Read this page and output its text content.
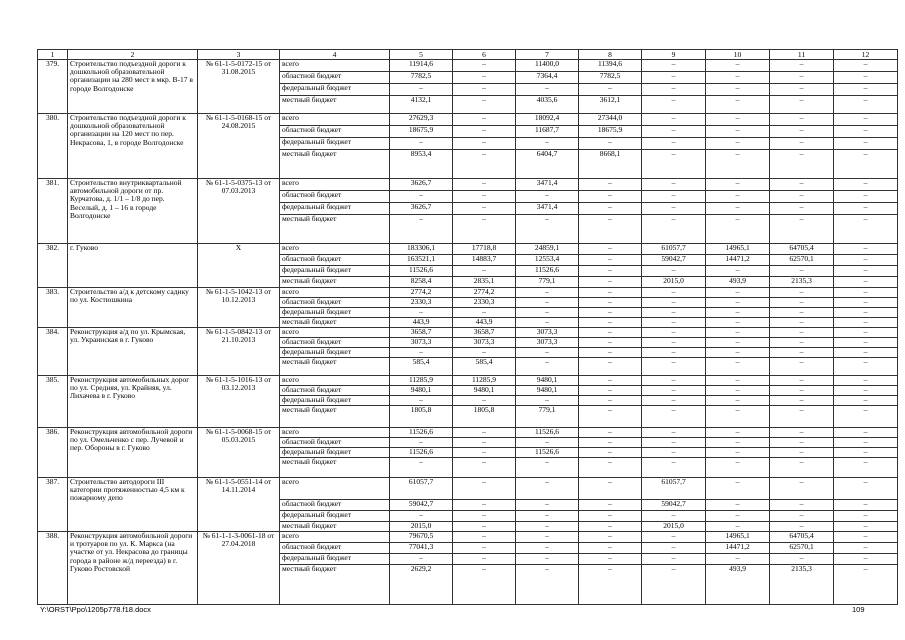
1	2	3	4	5	6	7	8	9	10	11	12
379.	Строительство подъездной дороги к дошкольной образовательной организации на 280 мест в мкр. В-17 в городе Волгодонске	№ 61-1-5-0172-15 от 31.08.2015	всего	11914,6	–	11400,0	11394,6	–	–	–	–
			областной бюджет	7782,5	–	7364,4	7782,5	–	–	–	–
			федеральный бюджет	–	–	–	–	–	–	–	–
			местный бюджет	4132,1	–	4035,6	3612,1	–	–	–	–
380.	Строительство подъездной дороги к дошкольной образовательной организации на 120 мест по пер. Некрасова, 1, в городе Волгодонске	№ 61-1-5-0168-15 от 24.08.2015	всего	27629,3	–	18092,4	27344,0	–	–	–	–
			областной бюджет	18675,9	–	11687,7	18675,9	–	–	–	–
			федеральный бюджет	–	–	–	–	–	–	–	–
			местный бюджет	8953,4	–	6404,7	8668,1	–	–	–	–
381.	Строительство внутриквартальной автомобильной дороги от пр. Курчатова, д. 1/1 – 1/8 до пер. Веселый, д. 1 – 16 в городе Волгодонске	№ 61-1-5-0375-13 от 07.03.2013	всего	3626,7	–	3471,4	–	–	–	–	–
			областной бюджет	–	–	–	–	–	–	–	–
			федеральный бюджет	3626,7	–	3471,4	–	–	–	–	–
			местный бюджет	–	–	–	–	–	–	–	–
382.	г. Гуково	Х	всего	183306,1	17718,8	24859,1	–	61057,7	14965,1	64705,4	–
			областной бюджет	163521,1	14883,7	12553,4	–	59042,7	14471,2	62570,1	–
			федеральный бюджет	11526,6	–	11526,6	–	–	–	–	–
			местный бюджет	8258,4	2835,1	779,1	–	2015,0	493,9	2135,3	–
383.	Строительство а/д к детскому садику по ул. Костюшкина	№ 61-1-5-1042-13 от 10.12.2013	всего	2774,2	2774,2	–	–	–	–	–	–
			областной бюджет	2330,3	2330,3	–	–	–	–	–	–
			федеральный бюджет	–	–	–	–	–	–	–	–
			местный бюджет	443,9	443,9	–	–	–	–	–	–
384.	Реконструкция а/д по ул. Крымская, ул. Украинская в г. Гуково	№ 61-1-5-0842-13 от 21.10.2013	всего	3658,7	3658,7	3073,3	–	–	–	–	–
			областной бюджет	3073,3	3073,3	3073,3	–	–	–	–	–
			федеральный бюджет	–	–	–	–	–	–	–	–
			местный бюджет	585,4	585,4	–	–	–	–	–	–
385.	Реконструкция автомобильных дорог по ул. Средняя, ул. Крайняя, ул. Лихачева в г. Гуково	№ 61-1-5-1016-13 от 03.12.2013	всего	11285,9	11285,9	9480,1	–	–	–	–	–
			областной бюджет	9480,1	9480,1	9480,1	–	–	–	–	–
			федеральный бюджет	–	–	–	–	–	–	–	–
			местный бюджет	1805,8	1805,8	779,1	–	–	–	–	–
386.	Реконструкция автомобильной дороги по ул. Омельченко с пер. Лучевой и пер. Обороны в г. Гуково	№ 61-1-5-0068-15 от 05.03.2015	всего	11526,6	–	11526,6	–	–	–	–	–
			областной бюджет	–	–	–	–	–	–	–	–
			федеральный бюджет	11526,6	–	11526,6	–	–	–	–	–
			местный бюджет	–	–	–	–	–	–	–	–
387.	Строительство автодороги III категории протяженностью 4,5 км к пожарному депо	№ 61-1-5-0551-14 от 14.11.2014	всего	61057,7	–	–	–	61057,7	–	–	–
			областной бюджет	59042,7	–	–	–	59042,7	–	–	–
			федеральный бюджет	–	–	–	–	–	–	–	–
			местный бюджет	2015,0	–	–	–	2015,0	–	–	–
388.	Реконструкция автомобильной дороги и тротуаров по ул. К. Маркса (на участке от ул. Некрасова до границы города в районе ж/д переезда) в г. Гуково Ростовской	№ 61-1-1-3-0061-18 от 27.04.2018	всего	79670,5	–	–	–	–	14965,1	64705,4	–
			областной бюджет	77041,3	–	–	–	–	14471,2	62570,1	–
			федеральный бюджет	–	–	–	–	–	–	–	–
			местный бюджет	2629,2	–	–	–	–	493,9	2135,3	–
Y:\ORST\Ppo\1205p778.f18.docx	109
